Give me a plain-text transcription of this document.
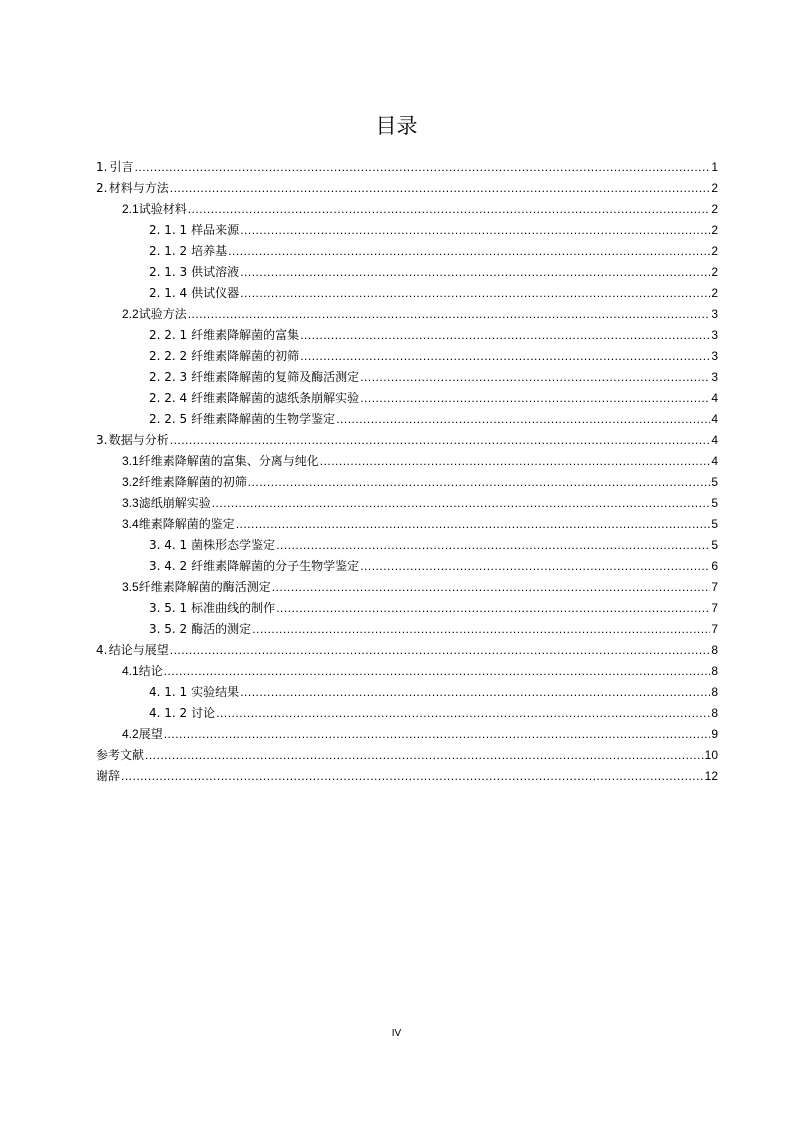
目录
1. 引言 .....	1
2. 材料与方法 .....	2
2.1 试验材料 .....	2
2. 1. 1 样品来源 .....	2
2. 1. 2 培养基 .....	2
2. 1. 3 供试溶液 .....	2
2. 1. 4 供试仪器 .....	2
2.2 试验方法 .....	3
2. 2. 1 纤维素降解菌的富集 .....	3
2. 2. 2 纤维素降解菌的初筛 .....	3
2. 2. 3 纤维素降解菌的复筛及酶活测定 .....	3
2. 2. 4 纤维素降解菌的滤纸条崩解实验 .....	4
2. 2. 5 纤维素降解菌的生物学鉴定 .....	4
3. 数据与分析 .....	4
3.1 纤维素降解菌的富集、分离与纯化 .....	4
3.2 纤维素降解菌的初筛 .....	5
3.3 滤纸崩解实验 .....	5
3.4 维素降解菌的鉴定 .....	5
3. 4. 1 菌株形态学鉴定 .....	5
3. 4. 2 纤维素降解菌的分子生物学鉴定 .....	6
3.5 纤维素降解菌的酶活测定 .....	7
3. 5. 1 标准曲线的制作 .....	7
3. 5. 2 酶活的测定 .....	7
4. 结论与展望 .....	8
4.1 结论 .....	8
4. 1. 1 实验结果 .....	8
4. 1. 2 讨论 .....	8
4.2 展望 .....	9
参考文献 .....	10
谢辞 .....	12
IV
